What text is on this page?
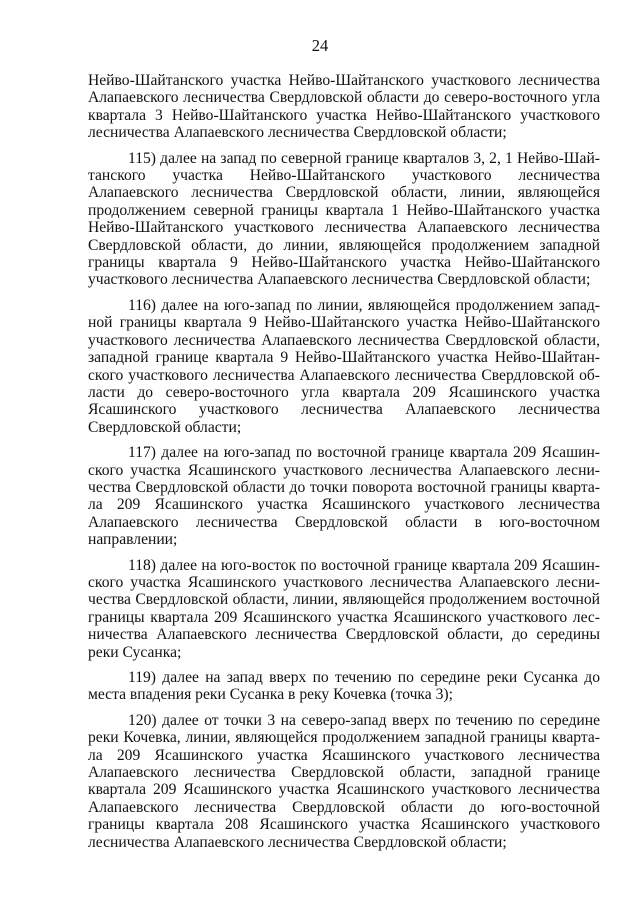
24

Нейво-Шайтанского участка Нейво-Шайтанского участкового лесничества Алапаевского лесничества Свердловской области до северо-восточного угла квартала 3 Нейво-Шайтанского участка Нейво-Шайтанского участкового лесничества Алапаевского лесничества Свердловской области;

115) далее на запад по северной границе кварталов 3, 2, 1 Нейво-Шайтанского участка Нейво-Шайтанского участкового лесничества Алапаевского лесничества Свердловской области, линии, являющейся продолжением северной границы квартала 1 Нейво-Шайтанского участка Нейво-Шайтанского участкового лесничества Алапаевского лесничества Свердловской области, до линии, являющейся продолжением западной границы квартала 9 Нейво-Шайтанского участка Нейво-Шайтанского участкового лесничества Алапаевского лесничества Свердловской области;

116) далее на юго-запад по линии, являющейся продолжением западной границы квартала 9 Нейво-Шайтанского участка Нейво-Шайтанского участкового лесничества Алапаевского лесничества Свердловской области, западной границе квартала 9 Нейво-Шайтанского участка Нейво-Шайтанского участкового лесничества Алапаевского лесничества Свердловской области до северо-восточного угла квартала 209 Ясашинского участка Ясашинского участкового лесничества Алапаевского лесничества Свердловской области;

117) далее на юго-запад по восточной границе квартала 209 Ясашинского участка Ясашинского участкового лесничества Алапаевского лесничества Свердловской области до точки поворота восточной границы квартала 209 Ясашинского участка Ясашинского участкового лесничества Алапаевского лесничества Свердловской области в юго-восточном направлении;

118) далее на юго-восток по восточной границе квартала 209 Ясашинского участка Ясашинского участкового лесничества Алапаевского лесничества Свердловской области, линии, являющейся продолжением восточной границы квартала 209 Ясашинского участка Ясашинского участкового лесничества Алапаевского лесничества Свердловской области, до середины реки Сусанка;

119) далее на запад вверх по течению по середине реки Сусанка до места впадения реки Сусанка в реку Кочевка (точка 3);

120) далее от точки 3 на северо-запад вверх по течению по середине реки Кочевка, линии, являющейся продолжением западной границы квартала 209 Ясашинского участка Ясашинского участкового лесничества Алапаевского лесничества Свердловской области, западной границе квартала 209 Ясашинского участка Ясашинского участкового лесничества Алапаевского лесничества Свердловской области до юго-восточной границы квартала 208 Ясашинского участка Ясашинского участкового лесничества Алапаевского лесничества Свердловской области;
